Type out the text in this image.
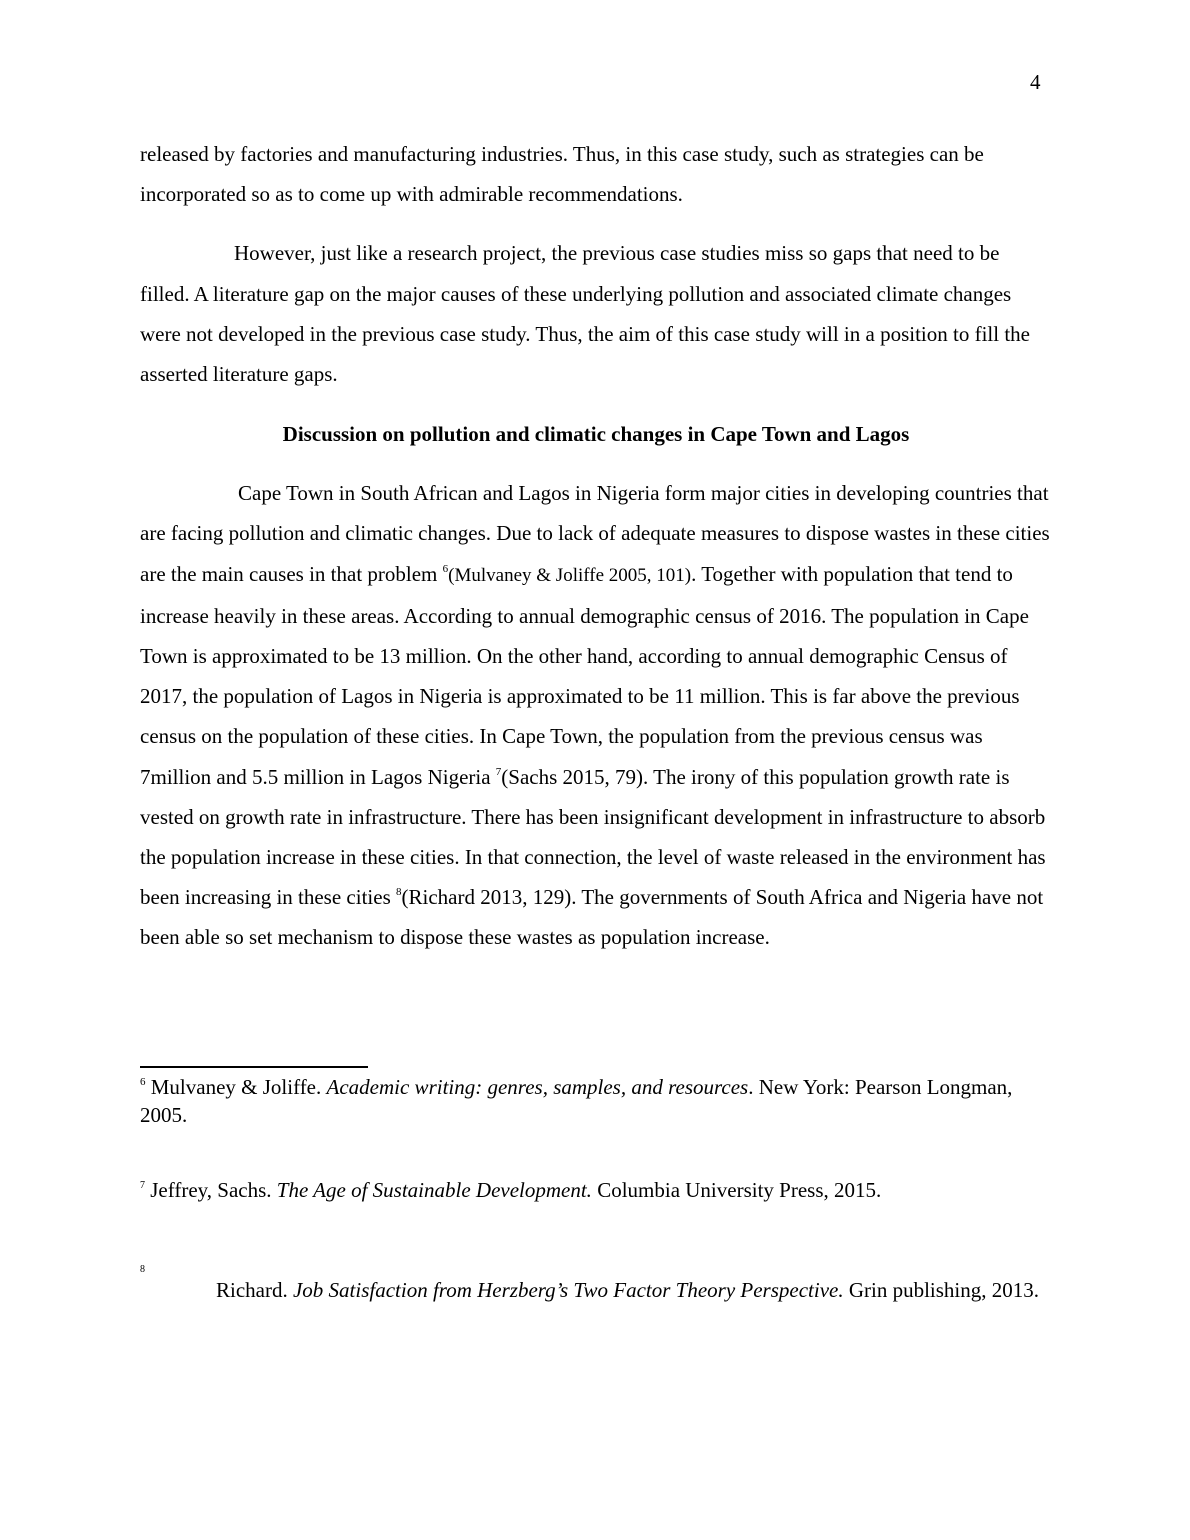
4

released by factories and manufacturing industries. Thus, in this case study, such as strategies can be incorporated so as to come up with admirable recommendations.

However, just like a research project, the previous case studies miss so gaps that need to be filled. A literature gap on the major causes of these underlying pollution and associated climate changes were not developed in the previous case study. Thus, the aim of this case study will in a position to fill the asserted literature gaps.

Discussion on pollution and climatic changes in Cape Town and Lagos

Cape Town in South African and Lagos in Nigeria form major cities in developing countries that are facing pollution and climatic changes. Due to lack of adequate measures to dispose wastes in these cities are the main causes in that problem $^6$(Mulvaney & Joliffe 2005, 101). Together with population that tend to increase heavily in these areas. According to annual demographic census of 2016. The population in Cape Town is approximated to be 13 million. On the other hand, according to annual demographic Census of 2017, the population of Lagos in Nigeria is approximated to be 11 million. This is far above the previous census on the population of these cities. In Cape Town, the population from the previous census was 7million and 5.5 million in Lagos Nigeria $^7$(Sachs 2015, 79). The irony of this population growth rate is vested on growth rate in infrastructure. There has been insignificant development in infrastructure to absorb the population increase in these cities. In that connection, the level of waste released in the environment has been increasing in these cities $^8$(Richard 2013, 129). The governments of South Africa and Nigeria have not been able so set mechanism to dispose these wastes as population increase.

$^6$ Mulvaney & Joliffe. Academic writing: genres, samples, and resources. New York: Pearson Longman, 2005.

$^7$ Jeffrey, Sachs. The Age of Sustainable Development. Columbia University Press, 2015.

8
Richard. Job Satisfaction from Herzberg’s Two Factor Theory Perspective. Grin publishing, 2013.
